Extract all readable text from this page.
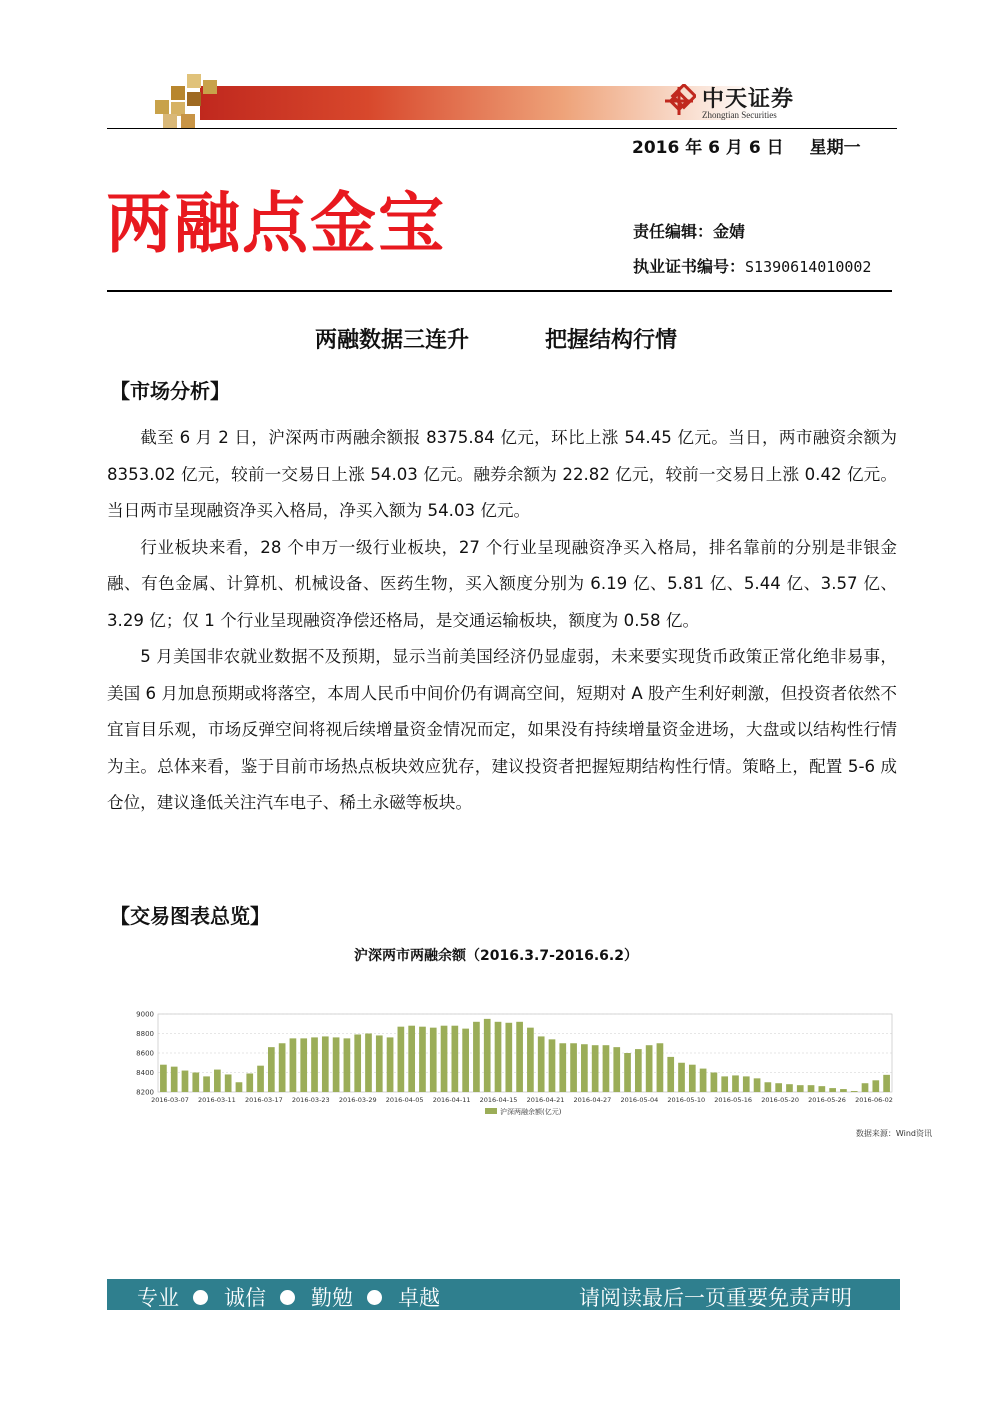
中天证券
Zhongtian Securities
2016 年 6 月 6 日 星期一
两融点金宝	责任编辑：金婧
执业证书编号：S1390614010002
两融数据三连升	把握结构行情
【市场分析】

截至 6 月 2 日，沪深两市两融余额报 8375.84 亿元，环比上涨 54.45 亿元。当日，两市融资余额为 8353.02 亿元，较前一交易日上涨 54.03 亿元。融券余额为 22.82 亿元，较前一交易日上涨 0.42 亿元。当日两市呈现融资净买入格局，净买入额为 54.03 亿元。

行业板块来看，28 个申万一级行业板块，27 个行业呈现融资净买入格局，排名靠前的分别是非银金融、有色金属、计算机、机械设备、医药生物，买入额度分别为 6.19 亿、5.81 亿、5.44 亿、3.57 亿、3.29 亿；仅 1 个行业呈现融资净偿还格局，是交通运输板块，额度为 0.58 亿。

5 月美国非农就业数据不及预期，显示当前美国经济仍显虚弱，未来要实现货币政策正常化绝非易事，美国 6 月加息预期或将落空，本周人民币中间价仍有调高空间，短期对 A 股产生利好刺激，但投资者依然不宜盲目乐观，市场反弹空间将视后续增量资金情况而定，如果没有持续增量资金进场，大盘或以结构性行情为主。总体来看，鉴于目前市场热点板块效应犹存，建议投资者把握短期结构性行情。策略上，配置 5-6 成仓位，建议逢低关注汽车电子、稀土永磁等板块。

【交易图表总览】
沪深两市两融余额（2016.3.7-2016.6.2）
8200
8400
8600
8800
9000
2016-03-07 2016-03-11 2016-03-17 2016-03-23 2016-03-29 2016-04-05 2016-04-11 2016-04-15 2016-04-21 2016-04-27 2016-05-04 2016-05-10 2016-05-16 2016-05-20 2016-05-26 2016-06-02
沪深两融余额(亿元)
数据来源：Wind资讯
专业 诚信 勤勉 卓越	请阅读最后一页重要免责声明
